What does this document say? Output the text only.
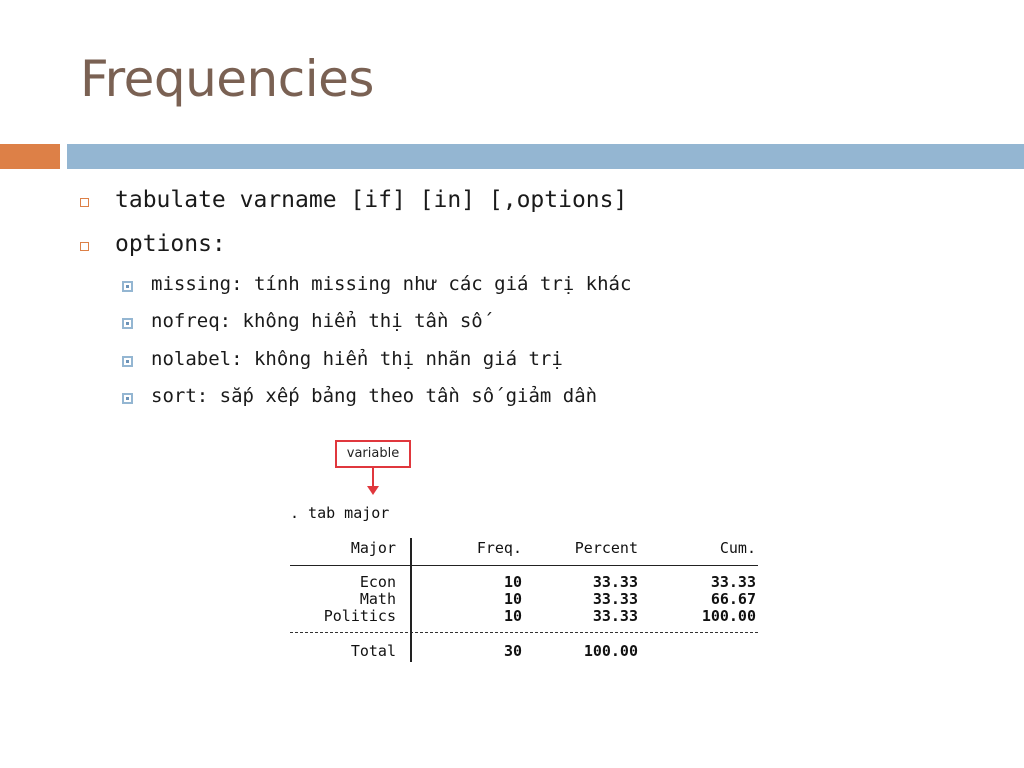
Frequencies
tabulate varname [if] [in] [,options]
options:
missing: tính missing như các giá trị khác
nofreq: không hiển thị tần số
nolabel: không hiển thị nhãn giá trị
sort: sắp xếp bảng theo tần số giảm dần
variable
. tab major
Major	Freq.	Percent	Cum.
Econ	10	33.33	33.33
Math	10	33.33	66.67
Politics	10	33.33	100.00
Total	30	100.00
